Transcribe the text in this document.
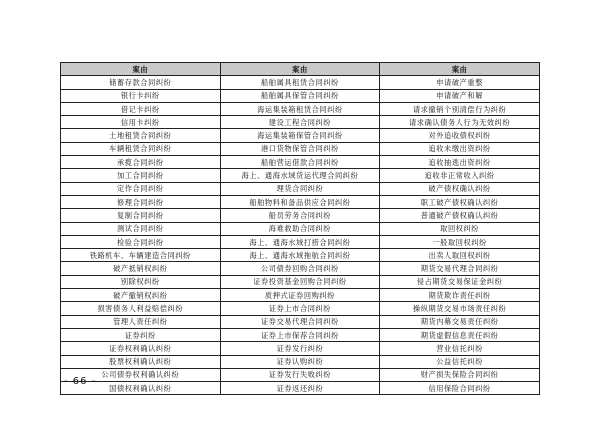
案由	案由	案由
储蓄存款合同纠纷	船舶属具租赁合同纠纷	申请破产重整
银行卡纠纷	船舶属具保管合同纠纷	申请破产和解
借记卡纠纷	海运集装箱租赁合同纠纷	请求撤销个别清偿行为纠纷
信用卡纠纷	建设工程合同纠纷	请求确认债务人行为无效纠纷
土地租赁合同纠纷	海运集装箱保管合同纠纷	对外追收债权纠纷
车辆租赁合同纠纷	港口货物保管合同纠纷	追收未缴出资纠纷
承揽合同纠纷	船舶营运借款合同纠纷	追收抽逃出资纠纷
加工合同纠纷	海上、通海水域货运代理合同纠纷	追收非正常收入纠纷
定作合同纠纷	理货合同纠纷	破产债权确认纠纷
修理合同纠纷	船舶物料和备品供应合同纠纷	职工破产债权确认纠纷
复制合同纠纷	船员劳务合同纠纷	普通破产债权确认纠纷
测试合同纠纷	海难救助合同纠纷	取回权纠纷
检验合同纠纷	海上、通海水域打捞合同纠纷	一般取回权纠纷
铁路机车、车辆建造合同纠纷	海上、通海水域拖航合同纠纷	出卖人取回权纠纷
破产抵销权纠纷	公司债券回购合同纠纷	期货交易代理合同纠纷
别除权纠纷	证券投资基金回购合同纠纷	侵占期货交易保证金纠纷
破产撤销权纠纷	质押式证券回购纠纷	期货欺诈责任纠纷
损害债务人利益赔偿纠纷	证券上市合同纠纷	操纵期货交易市场责任纠纷
管理人责任纠纷	证券交易代理合同纠纷	期货内幕交易责任纠纷
证券纠纷	证券上市保荐合同纠纷	期货虚假信息责任纠纷
证券权利确认纠纷	证券发行纠纷	营业信托纠纷
股票权利确认纠纷	证券认购纠纷	公益信托纠纷
公司债券权利确认纠纷	证券发行失败纠纷	财产损失保险合同纠纷
国债权利确认纠纷	证券返还纠纷	信用保险合同纠纷
- 66 -
